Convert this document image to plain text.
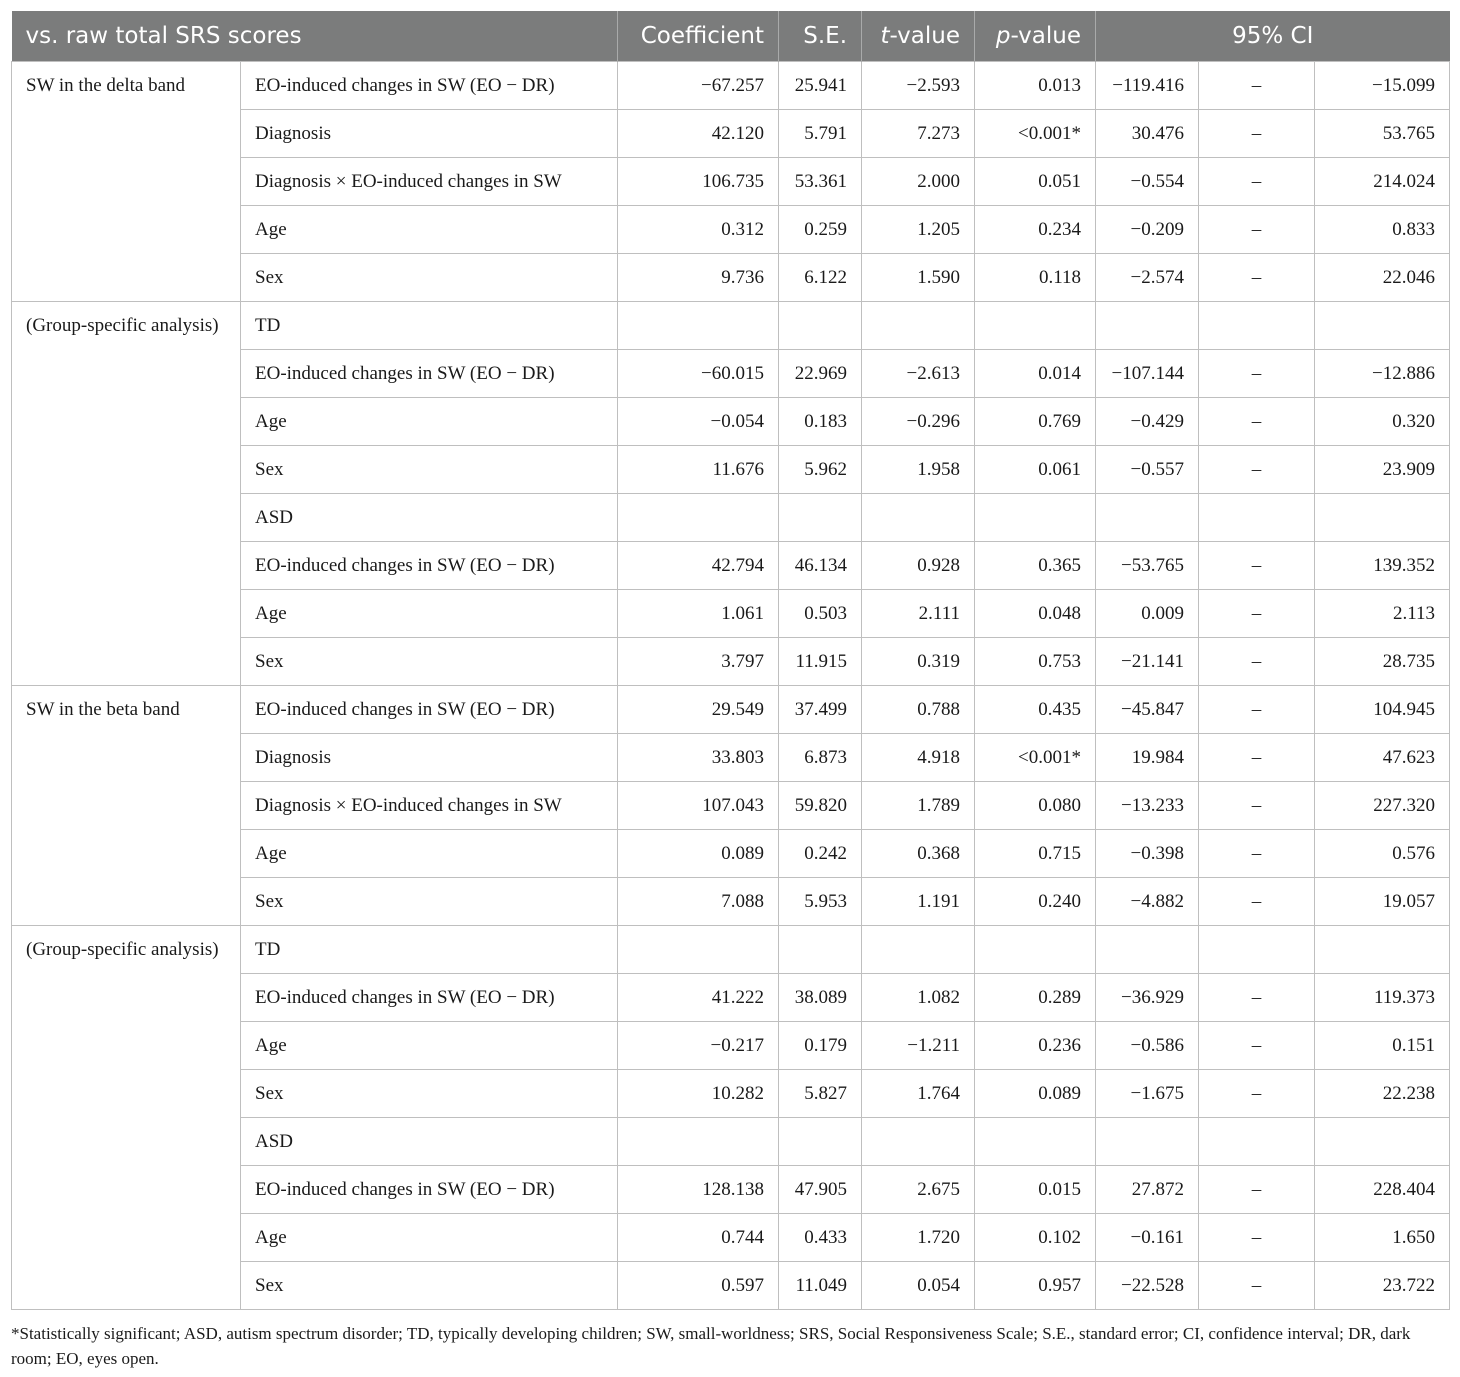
vs. raw total SRS scores		Coefficient	S.E.	t-value	p-value	95% CI		
SW in the delta band	EO-induced changes in SW (EO − DR)	−67.257	25.941	−2.593	0.013	−119.416	–	−15.099
	Diagnosis	42.120	5.791	7.273	<0.001*	30.476	–	53.765
	Diagnosis × EO-induced changes in SW	106.735	53.361	2.000	0.051	−0.554	–	214.024
	Age	0.312	0.259	1.205	0.234	−0.209	–	0.833
	Sex	9.736	6.122	1.590	0.118	−2.574	–	22.046
(Group-specific analysis)	TD							
	EO-induced changes in SW (EO − DR)	−60.015	22.969	−2.613	0.014	−107.144	–	−12.886
	Age	−0.054	0.183	−0.296	0.769	−0.429	–	0.320
	Sex	11.676	5.962	1.958	0.061	−0.557	–	23.909
	ASD							
	EO-induced changes in SW (EO − DR)	42.794	46.134	0.928	0.365	−53.765	–	139.352
	Age	1.061	0.503	2.111	0.048	0.009	–	2.113
	Sex	3.797	11.915	0.319	0.753	−21.141	–	28.735
SW in the beta band	EO-induced changes in SW (EO − DR)	29.549	37.499	0.788	0.435	−45.847	–	104.945
	Diagnosis	33.803	6.873	4.918	<0.001*	19.984	–	47.623
	Diagnosis × EO-induced changes in SW	107.043	59.820	1.789	0.080	−13.233	–	227.320
	Age	0.089	0.242	0.368	0.715	−0.398	–	0.576
	Sex	7.088	5.953	1.191	0.240	−4.882	–	19.057
(Group-specific analysis)	TD							
	EO-induced changes in SW (EO − DR)	41.222	38.089	1.082	0.289	−36.929	–	119.373
	Age	−0.217	0.179	−1.211	0.236	−0.586	–	0.151
	Sex	10.282	5.827	1.764	0.089	−1.675	–	22.238
	ASD							
	EO-induced changes in SW (EO − DR)	128.138	47.905	2.675	0.015	27.872	–	228.404
	Age	0.744	0.433	1.720	0.102	−0.161	–	1.650
	Sex	0.597	11.049	0.054	0.957	−22.528	–	23.722
*Statistically significant; ASD, autism spectrum disorder; TD, typically developing children; SW, small-worldness; SRS, Social Responsiveness Scale; S.E., standard error; CI, confidence interval; DR, dark room; EO, eyes open.
